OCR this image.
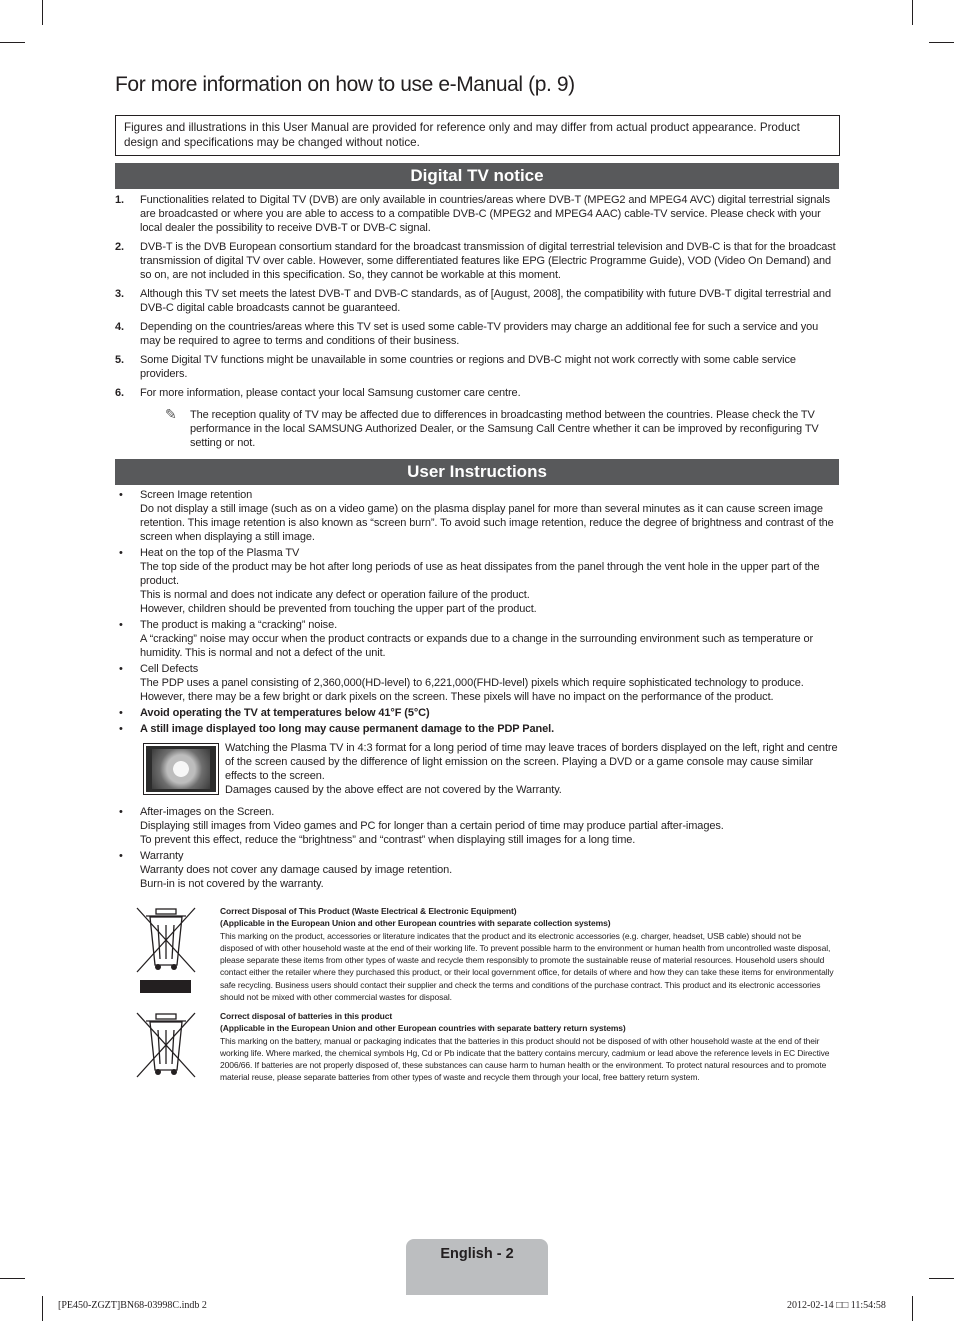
For more information on how to use e-Manual (p. 9)
Figures and illustrations in this User Manual are provided for reference only and may differ from actual product appearance. Product design and specifications may be changed without notice.
Digital TV notice
1. Functionalities related to Digital TV (DVB) are only available in countries/areas where DVB-T (MPEG2 and MPEG4 AVC) digital terrestrial signals are broadcasted or where you are able to access to a compatible DVB-C (MPEG2 and MPEG4 AAC) cable-TV service. Please check with your local dealer the possibility to receive DVB-T or DVB-C signal.
2. DVB-T is the DVB European consortium standard for the broadcast transmission of digital terrestrial television and DVB-C is that for the broadcast transmission of digital TV over cable. However, some differentiated features like EPG (Electric Programme Guide), VOD (Video On Demand) and so on, are not included in this specification. So, they cannot be workable at this moment.
3. Although this TV set meets the latest DVB-T and DVB-C standards, as of [August, 2008], the compatibility with future DVB-T digital terrestrial and DVB-C digital cable broadcasts cannot be guaranteed.
4. Depending on the countries/areas where this TV set is used some cable-TV providers may charge an additional fee for such a service and you may be required to agree to terms and conditions of their business.
5. Some Digital TV functions might be unavailable in some countries or regions and DVB-C might not work correctly with some cable service providers.
6. For more information, please contact your local Samsung customer care centre.
✎ The reception quality of TV may be affected due to differences in broadcasting method between the countries. Please check the TV performance in the local SAMSUNG Authorized Dealer, or the Samsung Call Centre whether it can be improved by reconfiguring TV setting or not.
User Instructions
• Screen Image retention

Do not display a still image (such as on a video game) on the plasma display panel for more than several minutes as it can cause screen image retention. This image retention is also known as “screen burn”. To avoid such image retention, reduce the degree of brightness and contrast of the screen when displaying a still image.

• Heat on the top of the Plasma TV

The top side of the product may be hot after long periods of use as heat dissipates from the panel through the vent hole in the upper part of the product.

This is normal and does not indicate any defect or operation failure of the product.

However, children should be prevented from touching the upper part of the product.

• The product is making a “cracking” noise.

A “cracking” noise may occur when the product contracts or expands due to a change in the surrounding environment such as temperature or humidity. This is normal and not a defect of the unit.

• Cell Defects

The PDP uses a panel consisting of 2,360,000(HD-level) to 6,221,000(FHD-level) pixels which require sophisticated technology to produce. However, there may be a few bright or dark pixels on the screen. These pixels will have no impact on the performance of the product.

• Avoid operating the TV at temperatures below 41°F (5°C)

• A still image displayed too long may cause permanent damage to the PDP Panel.

Watching the Plasma TV in 4:3 format for a long period of time may leave traces of borders displayed on the left, right and centre of the screen caused by the difference of light emission on the screen. Playing a DVD or a game console may cause similar effects to the screen.

Damages caused by the above effect are not covered by the Warranty.

• After-images on the Screen.

Displaying still images from Video games and PC for longer than a certain period of time may produce partial after-images.

To prevent this effect, reduce the “brightness” and “contrast” when displaying still images for a long time.

• Warranty

Warranty does not cover any damage caused by image retention.

Burn-in is not covered by the warranty.

Correct Disposal of This Product (Waste Electrical & Electronic Equipment)
(Applicable in the European Union and other European countries with separate collection systems)
This marking on the product, accessories or literature indicates that the product and its electronic accessories (e.g. charger, headset, USB cable) should not be disposed of with other household waste at the end of their working life. To prevent possible harm to the environment or human health from uncontrolled waste disposal, please separate these items from other types of waste and recycle them responsibly to promote the sustainable reuse of material resources. Household users should contact either the retailer where they purchased this product, or their local government office, for details of where and how they can take these items for environmentally safe recycling. Business users should contact their supplier and check the terms and conditions of the purchase contract. This product and its electronic accessories should not be mixed with other commercial wastes for disposal.
Correct disposal of batteries in this product
(Applicable in the European Union and other European countries with separate battery return systems)
This marking on the battery, manual or packaging indicates that the batteries in this product should not be disposed of with other household waste at the end of their working life. Where marked, the chemical symbols Hg, Cd or Pb indicate that the battery contains mercury, cadmium or lead above the reference levels in EC Directive 2006/66. If batteries are not properly disposed of, these substances can cause harm to human health or the environment. To protect natural resources and to promote material reuse, please separate batteries from other types of waste and recycle them through your local, free battery return system.
English - 2
[PE450-ZGZT]BN68-03998C.indb 2	2012-02-14 □□ 11:54:58
